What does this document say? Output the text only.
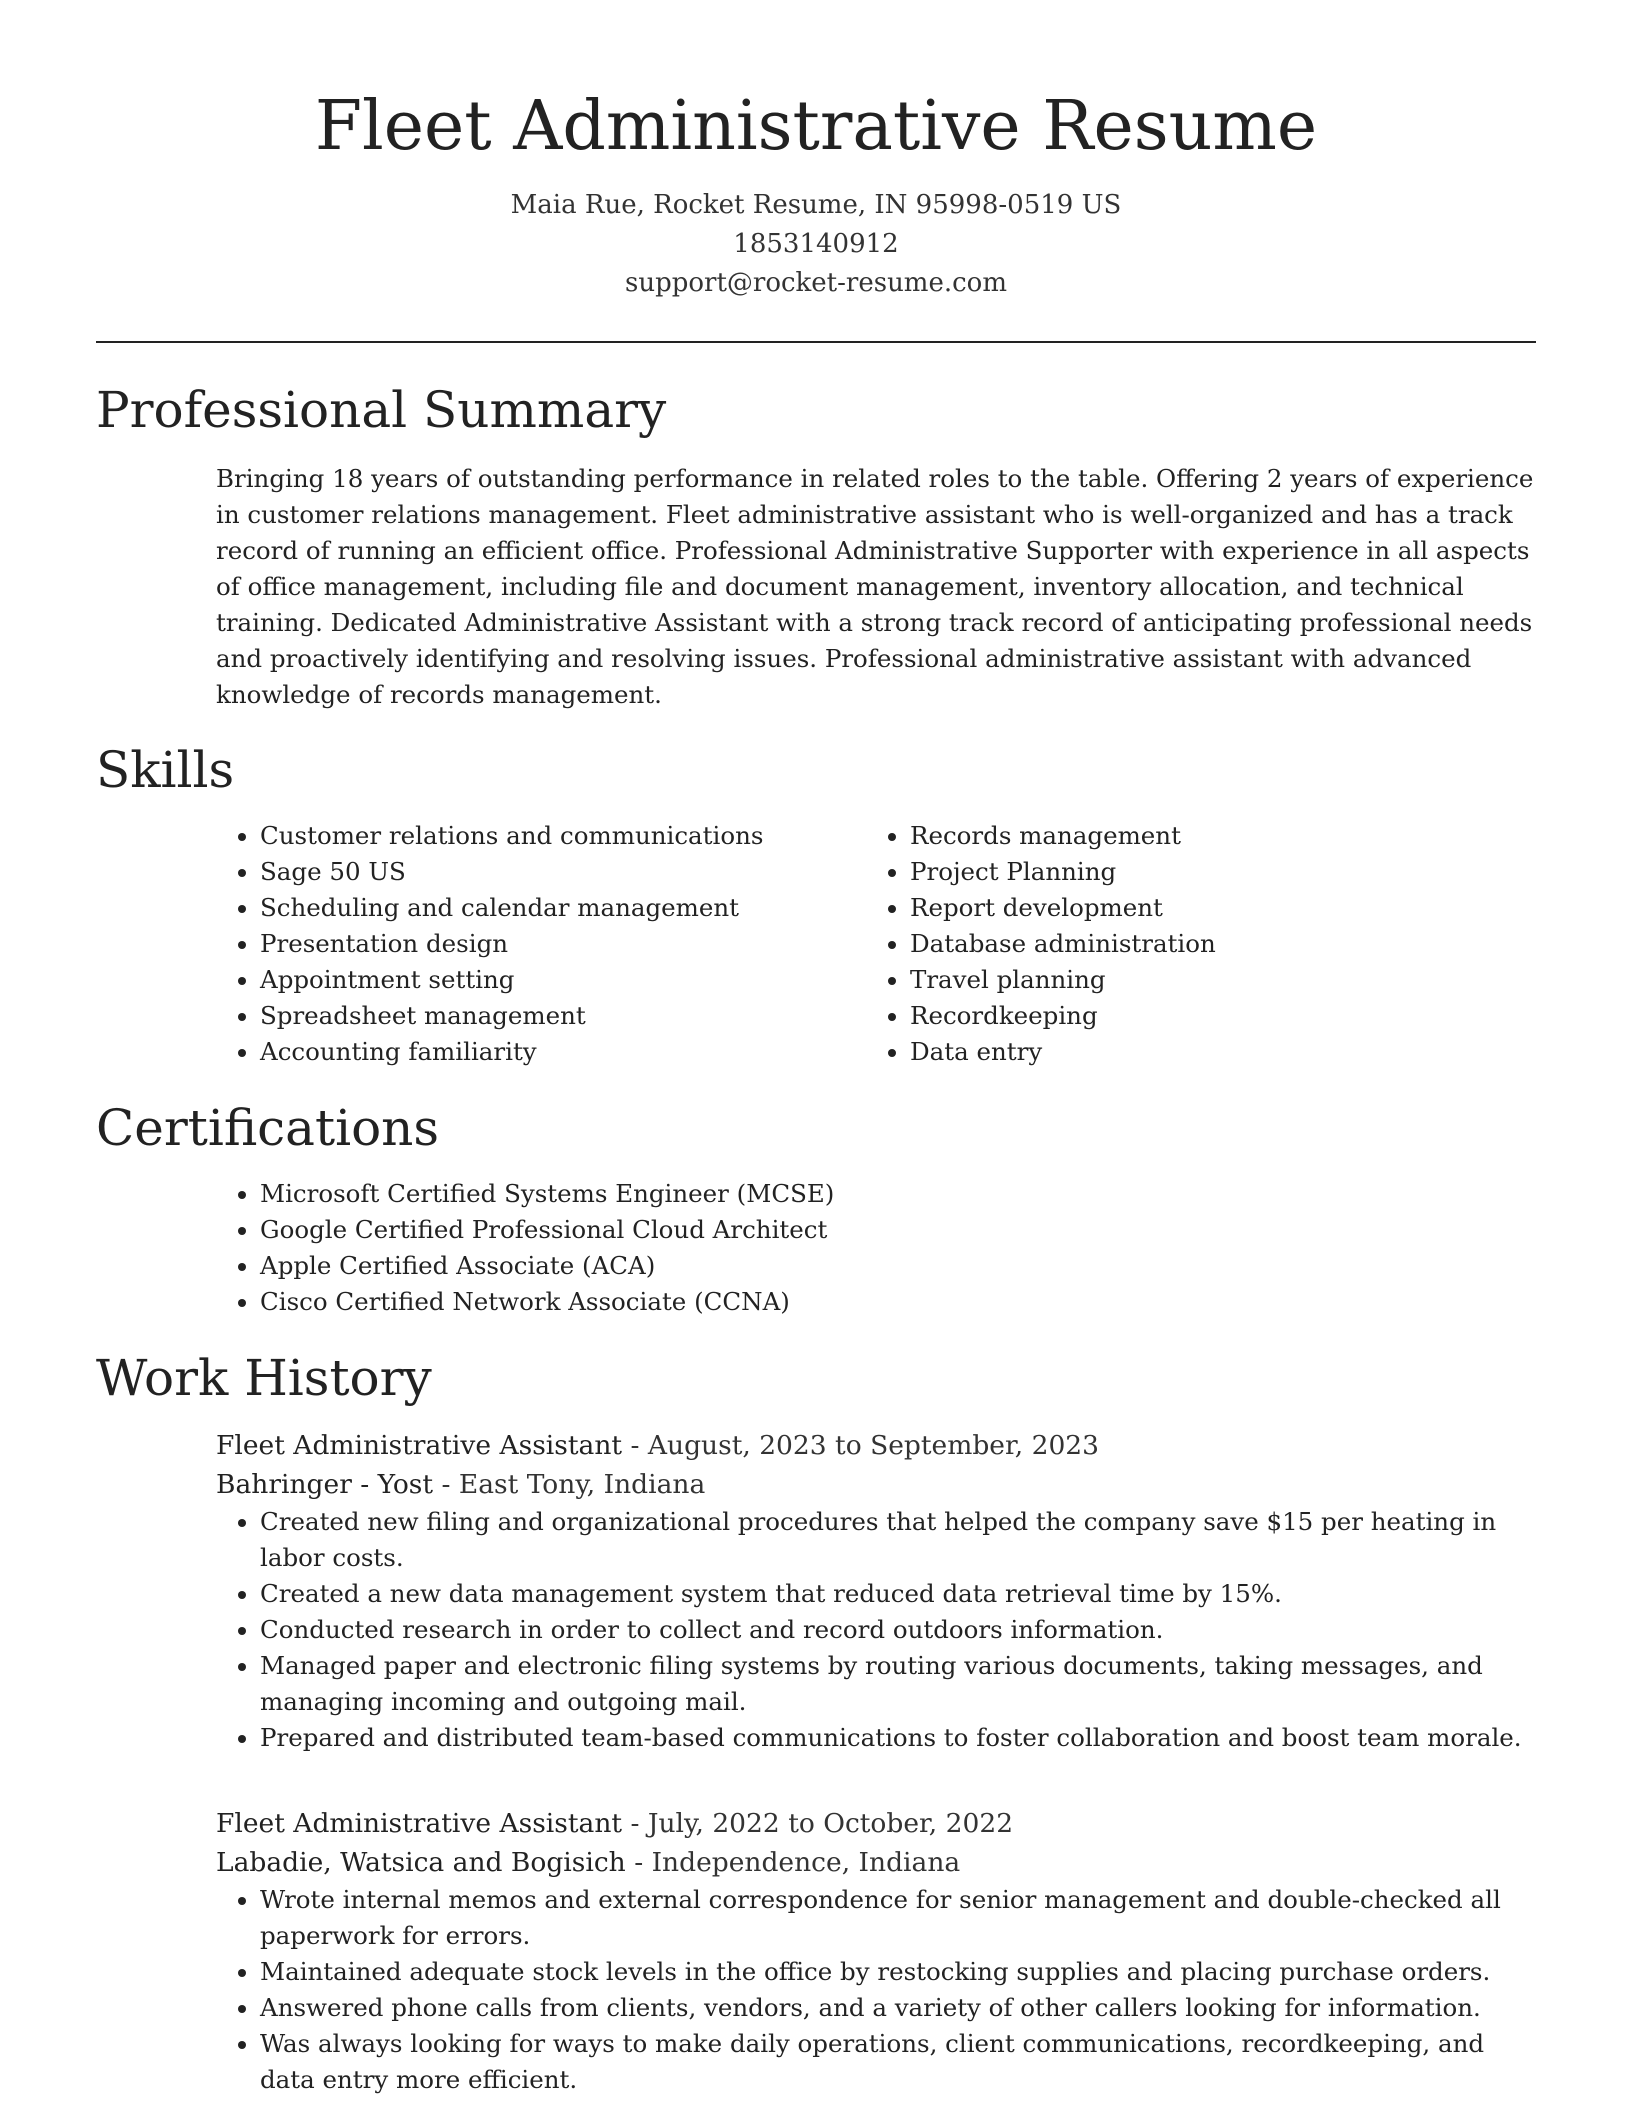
Fleet Administrative Resume
Maia Rue, Rocket Resume, IN 95998-0519 US
1853140912
support@rocket-resume.com
Professional Summary

Bringing 18 years of outstanding performance in related roles to the table. Offering 2 years of experience in customer relations management. Fleet administrative assistant who is well-organized and has a track record of running an efficient office. Professional Administrative Supporter with experience in all aspects of office management, including file and document management, inventory allocation, and technical training. Dedicated Administrative Assistant with a strong track record of anticipating professional needs and proactively identifying and resolving issues. Professional administrative assistant with advanced knowledge of records management.

Skills
• Customer relations and communications
• Sage 50 US
• Scheduling and calendar management
• Presentation design
• Appointment setting
• Spreadsheet management
• Accounting familiarity
• Records management
• Project Planning
• Report development
• Database administration
• Travel planning
• Recordkeeping
• Data entry
Certifications
• Microsoft Certified Systems Engineer (MCSE)
• Google Certified Professional Cloud Architect
• Apple Certified Associate (ACA)
• Cisco Certified Network Associate (CCNA)
Work History
Fleet Administrative Assistant - August, 2023 to September, 2023
Bahringer - Yost - East Tony, Indiana
• Created new filing and organizational procedures that helped the company save $15 per heating in labor costs.
• Created a new data management system that reduced data retrieval time by 15%.
• Conducted research in order to collect and record outdoors information.
• Managed paper and electronic filing systems by routing various documents, taking messages, and managing incoming and outgoing mail.
• Prepared and distributed team-based communications to foster collaboration and boost team morale.
Fleet Administrative Assistant - July, 2022 to October, 2022
Labadie, Watsica and Bogisich - Independence, Indiana
• Wrote internal memos and external correspondence for senior management and double-checked all paperwork for errors.
• Maintained adequate stock levels in the office by restocking supplies and placing purchase orders.
• Answered phone calls from clients, vendors, and a variety of other callers looking for information.
• Was always looking for ways to make daily operations, client communications, recordkeeping, and data entry more efficient.
